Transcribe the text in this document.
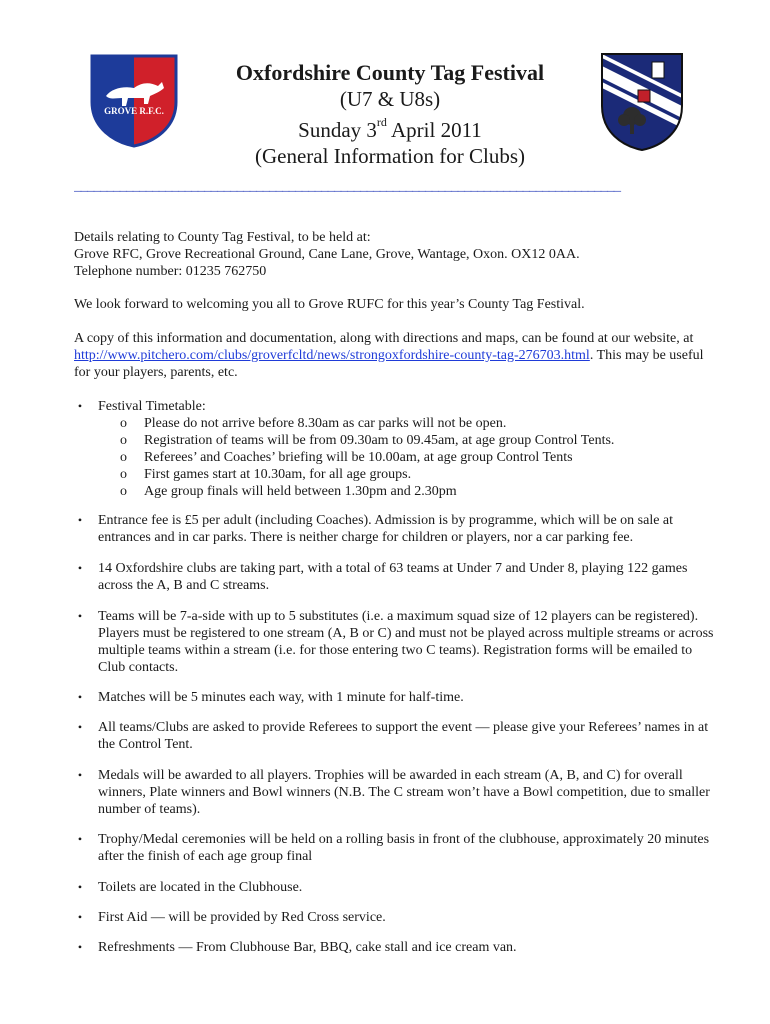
GROVE R.F.C.

Oxfordshire County Tag Festival

(U7 & U8s)

Sunday 3rd April 2011

(General Information for Clubs)

____________________________________________________________________________________

Details relating to County Tag Festival, to be held at:
Grove RFC, Grove Recreational Ground, Cane Lane, Grove, Wantage, Oxon. OX12 0AA.
Telephone number: 01235 762750

We look forward to welcoming you all to Grove RUFC for this year’s County Tag Festival.

A copy of this information and documentation, along with directions and maps, can be found at our website, at http://www.pitchero.com/clubs/groverfcltd/news/strongoxfordshire-county-tag-276703.html. This may be useful for your players, parents, etc.

• Festival Timetable:
o Please do not arrive before 8.30am as car parks will not be open.
o Registration of teams will be from 09.30am to 09.45am, at age group Control Tents.
o Referees’ and Coaches’ briefing will be 10.00am, at age group Control Tents
o First games start at 10.30am, for all age groups.
o Age group finals will held between 1.30pm and 2.30pm
• Entrance fee is £5 per adult (including Coaches). Admission is by programme, which will be on sale at entrances and in car parks. There is neither charge for children or players, nor a car parking fee.
• 14 Oxfordshire clubs are taking part, with a total of 63 teams at Under 7 and Under 8, playing 122 games across the A, B and C streams.
• Teams will be 7-a-side with up to 5 substitutes (i.e. a maximum squad size of 12 players can be registered). Players must be registered to one stream (A, B or C) and must not be played across multiple streams or across multiple teams within a stream (i.e. for those entering two C teams). Registration forms will be emailed to Club contacts.
• Matches will be 5 minutes each way, with 1 minute for half-time.
• All teams/Clubs are asked to provide Referees to support the event — please give your Referees’ names in at the Control Tent.
• Medals will be awarded to all players. Trophies will be awarded in each stream (A, B, and C) for overall winners, Plate winners and Bowl winners (N.B. The C stream won’t have a Bowl competition, due to smaller number of teams).
• Trophy/Medal ceremonies will be held on a rolling basis in front of the clubhouse, approximately 20 minutes after the finish of each age group final
• Toilets are located in the Clubhouse.
• First Aid — will be provided by Red Cross service.
• Refreshments — From Clubhouse Bar, BBQ, cake stall and ice cream van.
